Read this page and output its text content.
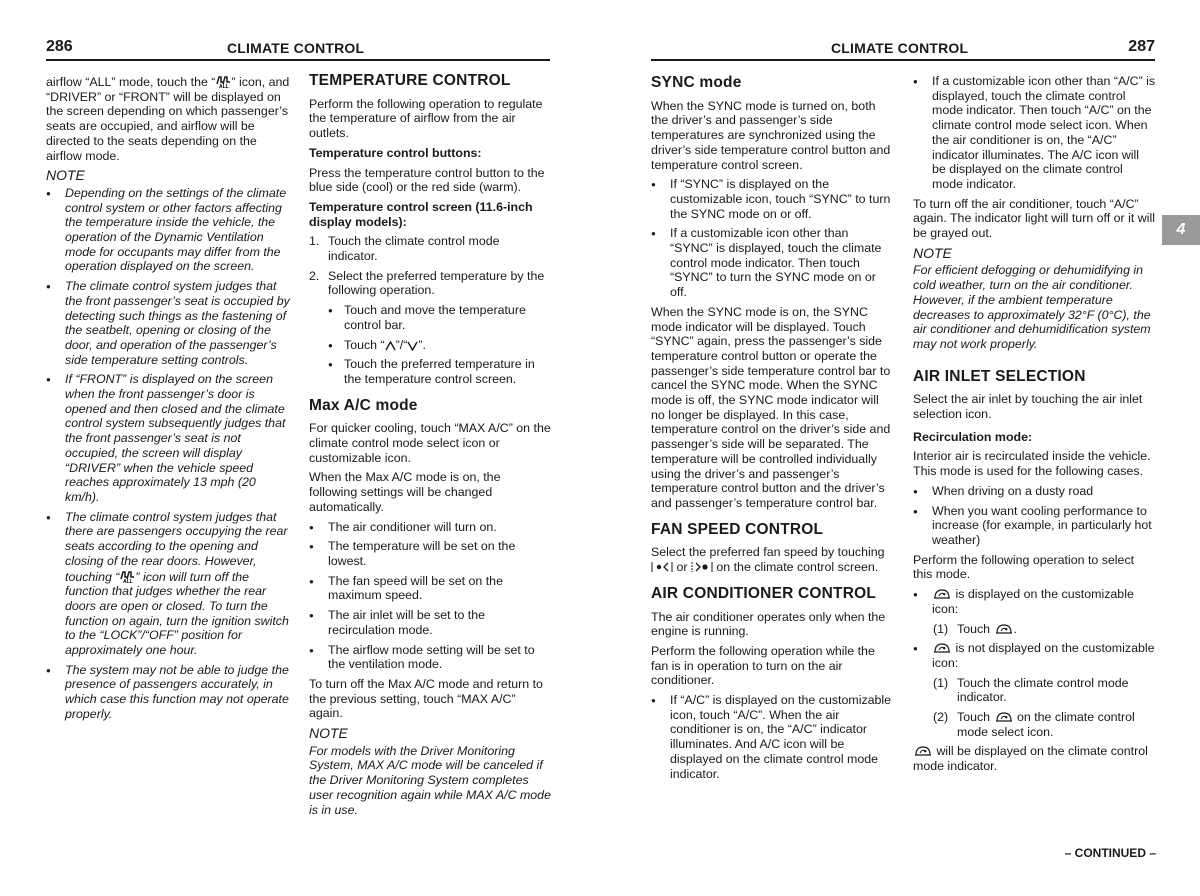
286	CLIMATE CONTROL	CLIMATE CONTROL	287
4

airflow “ALL” mode, touch the “ ALL ” icon, and “DRIVER” or “FRONT” will be displayed on the screen depending on which passenger’s seats are occupied, and airflow will be directed to the seats depending on the airflow mode.

NOTE

● Depending on the settings of the climate control system or other factors affecting the temperature inside the vehicle, the operation of the Dynamic Ventilation mode for occupants may differ from the operation displayed on the screen.
● The climate control system judges that the front passenger’s seat is occupied by detecting such things as the fastening of the seatbelt, opening or closing of the door, and operation of the passenger’s side temperature setting controls.
● If “FRONT” is displayed on the screen when the front passenger’s door is opened and then closed and the climate control system subsequently judges that the front passenger’s seat is not occupied, the screen will display “DRIVER” when the vehicle speed reaches approximately 13 mph (20 km/h).
● The climate control system judges that there are passengers occupying the rear seats according to the opening and closing of the rear doors. However, touching “ ALL ” icon will turn off the function that judges whether the rear doors are open or closed. To turn the function on again, turn the ignition switch to the “LOCK”/“OFF” position for approximately one hour.
● The system may not be able to judge the presence of passengers accurately, in which case this function may not operate properly.
TEMPERATURE CONTROL

Perform the following operation to regulate the temperature of airflow from the air outlets.

Temperature control buttons:

Press the temperature control button to the blue side (cool) or the red side (warm).

Temperature control screen (11.6-inch display models):

1. Touch the climate control mode indicator.
2. Select the preferred temperature by the following operation.
● Touch and move the temperature control bar.
● Touch “ ”/“ ”.
● Touch the preferred temperature in the temperature control screen.
Max A/C mode

For quicker cooling, touch “MAX A/C” on the climate control mode select icon or customizable icon.

When the Max A/C mode is on, the following settings will be changed automatically.

● The air conditioner will turn on.
● The temperature will be set on the lowest.
● The fan speed will be set on the maximum speed.
● The air inlet will be set to the recirculation mode.
● The airflow mode setting will be set to the ventilation mode.

To turn off the Max A/C mode and return to the previous setting, touch “MAX A/C” again.

NOTE

For models with the Driver Monitoring System, MAX A/C mode will be canceled if the Driver Monitoring System completes user recognition again while MAX A/C mode is in use.

SYNC mode

When the SYNC mode is turned on, both the driver’s and passenger’s side temperatures are synchronized using the driver’s side temperature control button and temperature control screen.

● If “SYNC” is displayed on the customizable icon, touch “SYNC” to turn the SYNC mode on or off.
● If a customizable icon other than “SYNC” is displayed, touch the climate control mode indicator. Then touch “SYNC” to turn the SYNC mode on or off.

When the SYNC mode is on, the SYNC mode indicator will be displayed. Touch “SYNC” again, press the passenger’s side temperature control button or operate the passenger’s side temperature control bar to cancel the SYNC mode. When the SYNC mode is off, the SYNC mode indicator will no longer be displayed. In this case, temperature control on the driver’s side and passenger’s side will be separated. The temperature will be controlled individually using the driver’s and passenger’s temperature control button and the driver’s and passenger’s temperature control bar.

FAN SPEED CONTROL

Select the preferred fan speed by touching  or on the climate control screen.

AIR CONDITIONER CONTROL

The air conditioner operates only when the engine is running.

Perform the following operation while the fan is in operation to turn on the air conditioner.

● If “A/C” is displayed on the customizable icon, touch “A/C”. When the air conditioner is on, the “A/C” indicator illuminates. And A/C icon will be displayed on the climate control mode indicator.
● If a customizable icon other than “A/C” is displayed, touch the climate control mode indicator. Then touch “A/C” on the climate control mode select icon. When the air conditioner is on, the “A/C” indicator illuminates. The A/C icon will be displayed on the climate control mode indicator.

To turn off the air conditioner, touch “A/C” again. The indicator light will turn off or it will be grayed out.

NOTE

For efficient defogging or dehumidifying in cold weather, turn on the air conditioner. However, if the ambient temperature decreases to approximately 32°F (0°C), the air conditioner and dehumidification system may not work properly.

AIR INLET SELECTION

Select the air inlet by touching the air inlet selection icon.

Recirculation mode:

Interior air is recirculated inside the vehicle. This mode is used for the following cases.

● When driving on a dusty road
● When you want cooling performance to increase (for example, in particularly hot weather)

Perform the following operation to select this mode.

● is displayed on the customizable icon:
(1) Touch .
● is not displayed on the customizable icon:
(1) Touch the climate control mode indicator.
(2) Touch on the climate control mode select icon.

will be displayed on the climate control mode indicator.

– CONTINUED –
